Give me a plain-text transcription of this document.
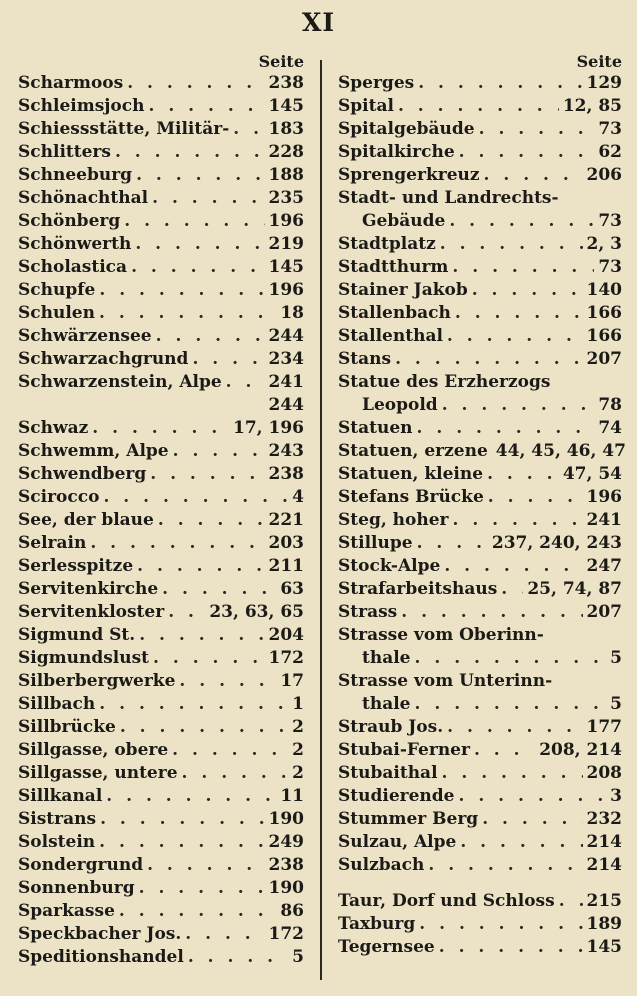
XI
Seite
Scharmoos . . .	238
Schleimsjoch . . .	145
Schiessstätte, Militär- . . . 183
Schlitters . . .	228
Schneeburg . . .	188
Schönachthal . . .	235
Schönberg . . .	196
Schönwerth . . .	219
Scholastica . . .	145
Schupfe . . .	196
Schulen . . .	18
Schwärzensee . . .	244
Schwarzachgrund . . .	234
Schwarzenstein, Alpe . . .	241
244
Schwaz . . .	17, 196
Schwemm, Alpe . . .	243
Schwendberg . . .	238
Scirocco . . .	4
See, der blaue . . .	221
Selrain . . .	203
Serlesspitze . . .	211
Servitenkirche . . .	63
Servitenkloster . . .	23, 63, 65
Sigmund St. . . .	204
Sigmundslust . . .	172
Silberbergwerke . . .	17
Sillbach . . .	1
Sillbrücke . . .	2
Sillgasse, obere . . .	2
Sillgasse, untere . . .	2
Sillkanal . . .	11
Sistrans . . .	190
Solstein . . .	249
Sondergrund . . .	238
Sonnenburg . . .	190
Sparkasse . . .	86
Speckbacher Jos. . . .	172
Speditionshandel . . .	5
Seite
Sperges . . .	129
Spital . . .	12, 85
Spitalgebäude . . .	73
Spitalkirche . . .	62
Sprengerkreuz . . .	206
Stadt- und Landrechts-
Gebäude . . .	73
Stadtplatz . . .	2, 3
Stadtthurm . . .	73
Stainer Jakob . . .	140
Stallenbach . . .	166
Stallenthal . . .	166
Stans . . .	207
Statue des Erzherzogs
Leopold . . .	78
Statuen . . .	74
Statuen, erzene 44, 45, 46, 47
Statuen, kleine . . .	47, 54
Stefans Brücke . . .	196
Steg, hoher . . .	241
Stillupe . . .	237, 240, 243
Stock-Alpe . . .	247
Strafarbeitshaus . . . 25, 74, 87
Strass . . .	207
Strasse vom Oberinn-
thale . . .	5
Strasse vom Unterinn-
thale . . .	5
Straub Jos. . . .	177
Stubai-Ferner . . .	208, 214
Stubaithal . . .	208
Studierende . . .	3
Stummer Berg . . .	232
Sulzau, Alpe . . .	214
Sulzbach . . .	214
Taur, Dorf und Schloss . . . 215
Taxburg . . .	189
Tegernsee . . .	145
